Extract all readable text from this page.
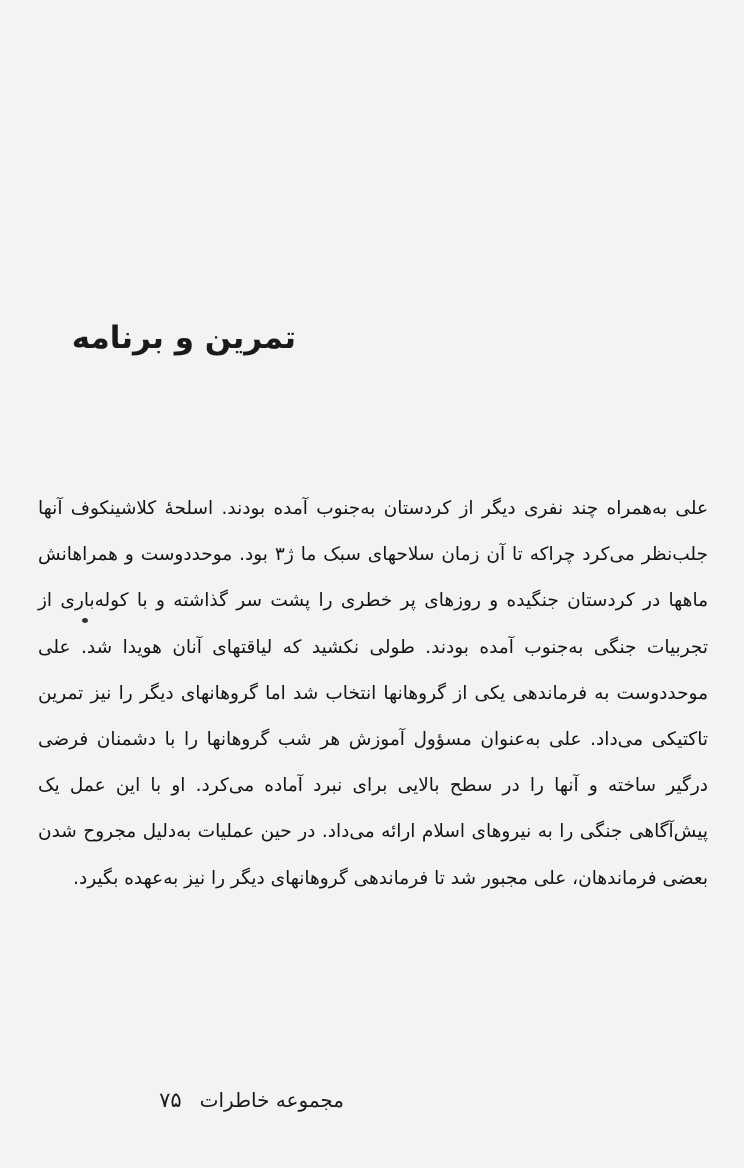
تمرین و برنامه

علی به‌همراه چند نفری دیگر از کردستان به‌جنوب آمده بودند. اسلحهٔ کلاشینکوف آنها جلب‌نظر می‌کرد چراکه تا آن زمان سلاحهای سبک ما ژ۳ بود. موحددوست و همراهانش ماهها در کردستان جنگیده و روزهای پر خطری را پشت سر گذاشته و با کوله‌باری از تجربیات جنگی به‌جنوب آمده بودند. طولی نکشید که لیاقتهای آنان هویدا شد. علی موحددوست به فرماندهی یکی از گروهانها انتخاب شد اما گروهانهای دیگر را نیز تمرین تاکتیکی می‌داد. علی به‌عنوان مسؤول آموزش هر شب گروهانها را با دشمنان فرضی درگیر ساخته و آنها را در سطح بالایی برای نبرد آماده می‌کرد. او با این عمل یک پیش‌آگاهی جنگی را به نیروهای اسلام ارائه می‌داد. در حین عملیات به‌دلیل مجروح شدن بعضی فرماندهان، علی مجبور شد تا فرماندهی گروهانهای دیگر را نیز به‌عهده بگیرد.

مجموعه خاطرات۷۵
